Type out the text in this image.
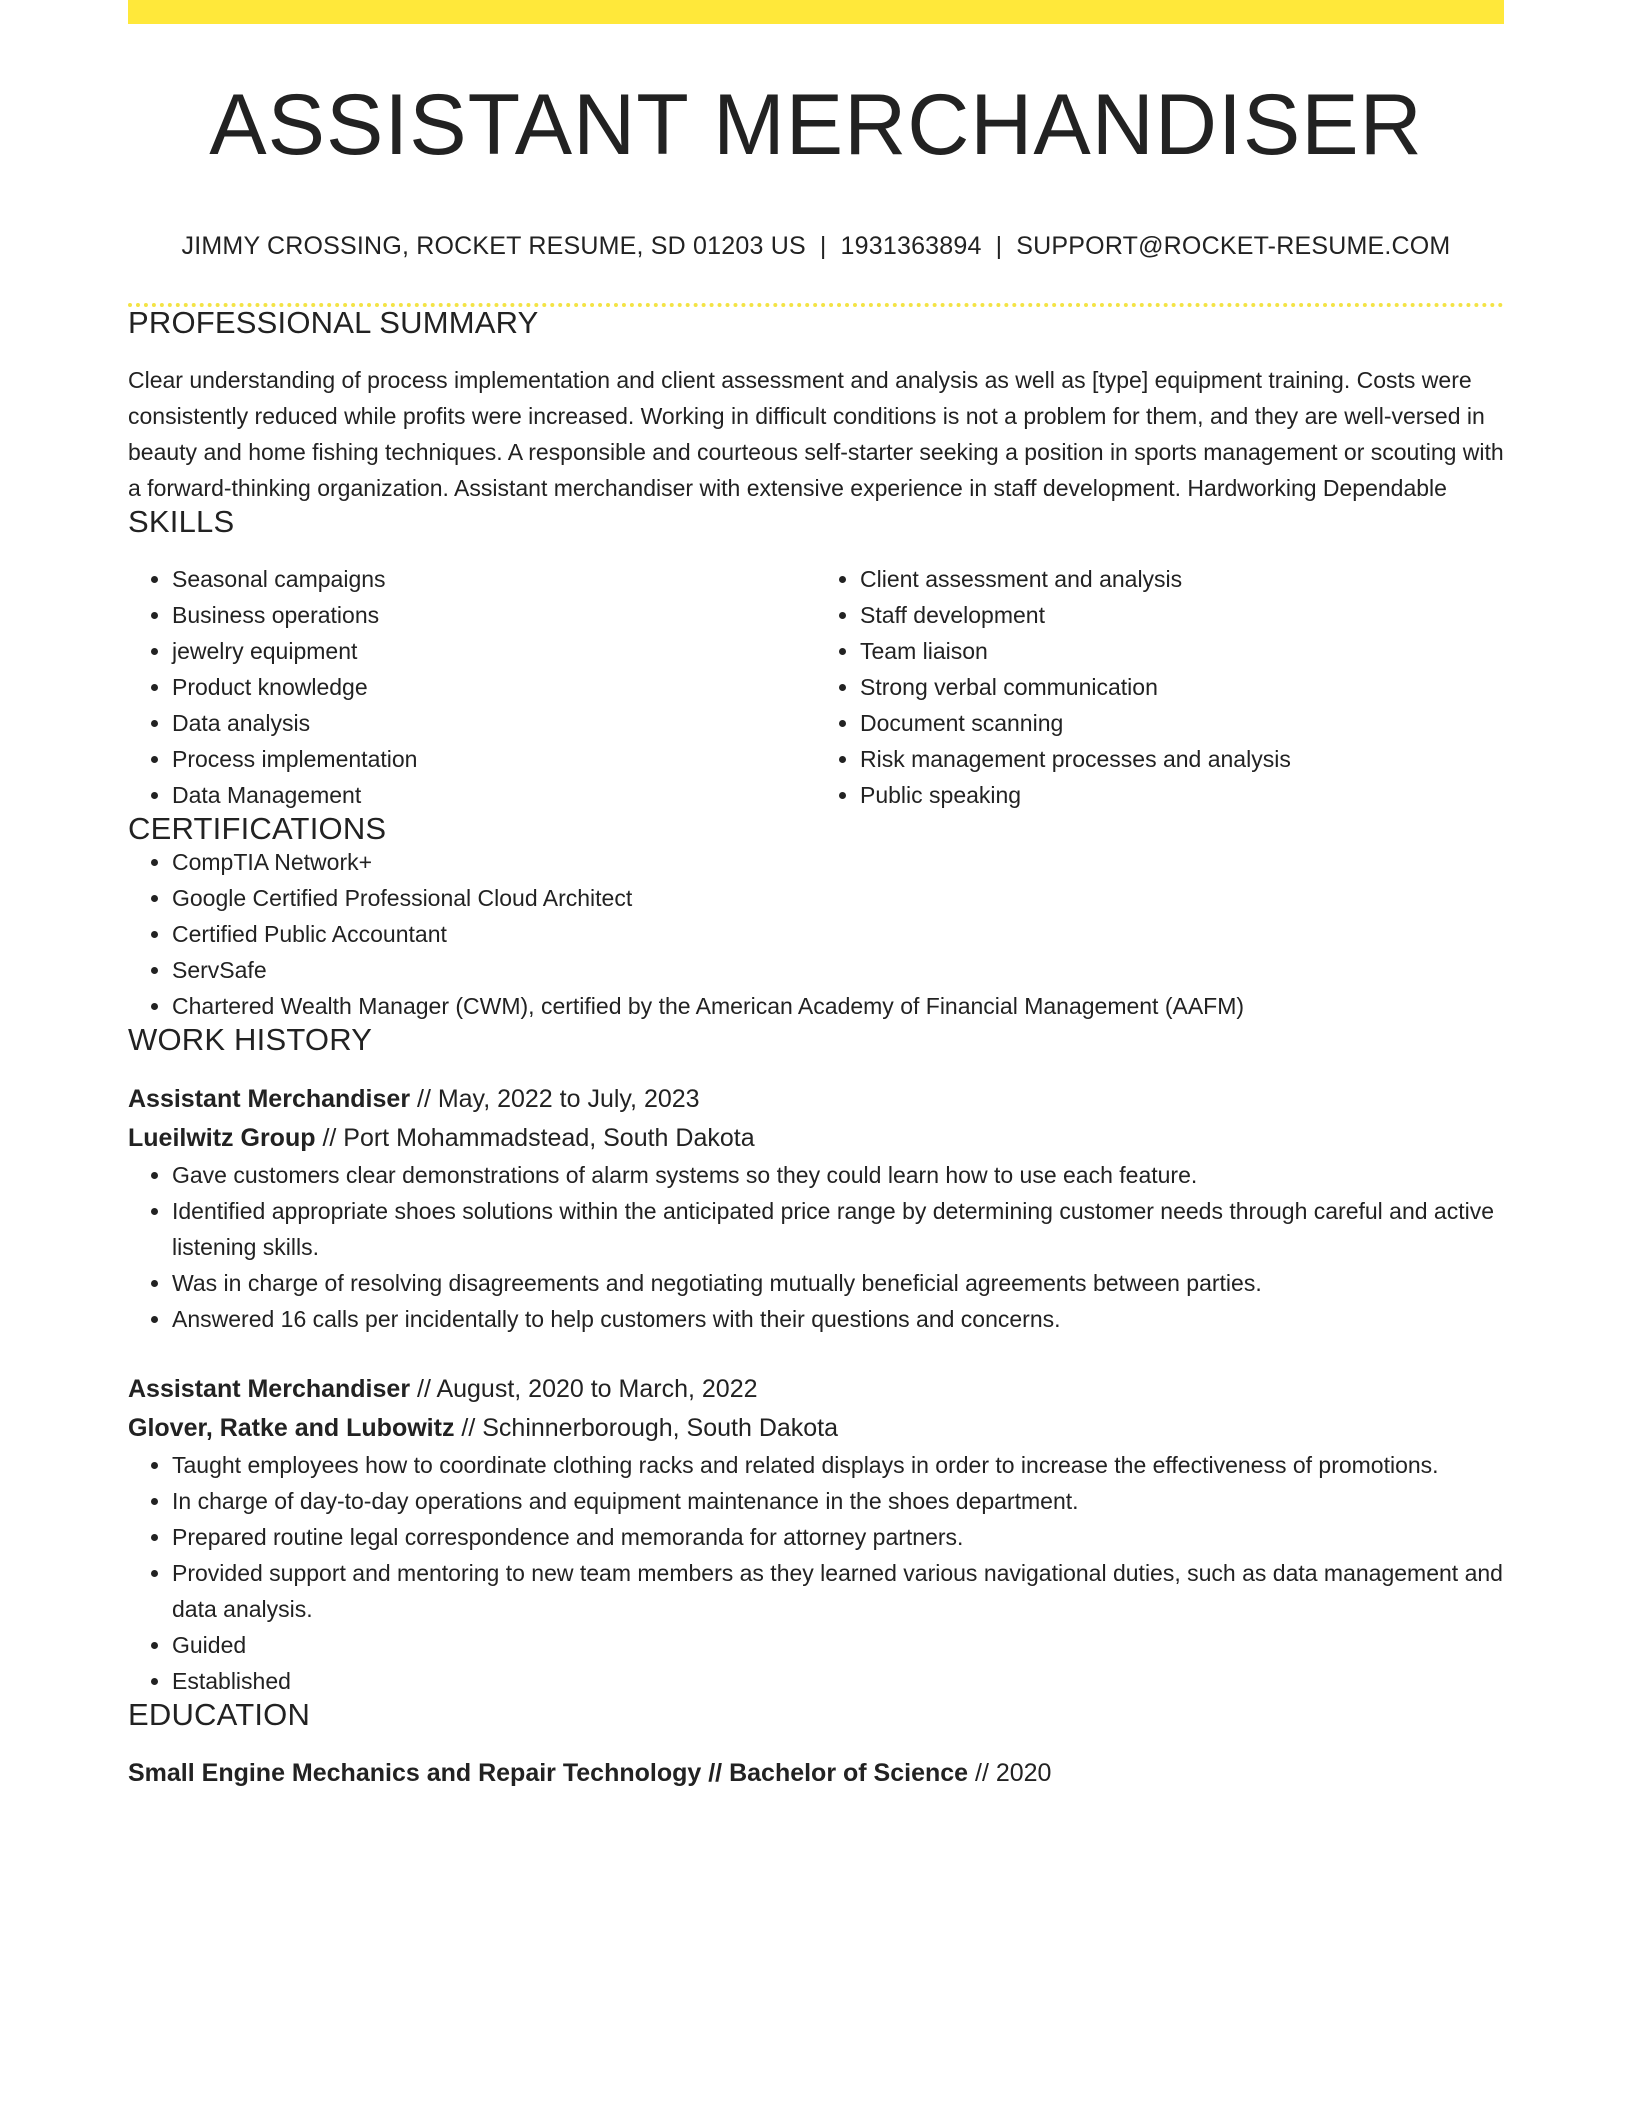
ASSISTANT MERCHANDISER
JIMMY CROSSING, ROCKET RESUME, SD 01203 US | 1931363894 | SUPPORT@ROCKET-RESUME.COM
PROFESSIONAL SUMMARY

Clear understanding of process implementation and client assessment and analysis as well as [type] equipment training. Costs were consistently reduced while profits were increased. Working in difficult conditions is not a problem for them, and they are well-versed in beauty and home fishing techniques. A responsible and courteous self-starter seeking a position in sports management or scouting with a forward-thinking organization. Assistant merchandiser with extensive experience in staff development. Hardworking Dependable

SKILLS
• Seasonal campaigns
• Business operations
• jewelry equipment
• Product knowledge
• Data analysis
• Process implementation
• Data Management
• Client assessment and analysis
• Staff development
• Team liaison
• Strong verbal communication
• Document scanning
• Risk management processes and analysis
• Public speaking
CERTIFICATIONS
• CompTIA Network+
• Google Certified Professional Cloud Architect
• Certified Public Accountant
• ServSafe
• Chartered Wealth Manager (CWM), certified by the American Academy of Financial Management (AAFM)
WORK HISTORY
Assistant Merchandiser // May, 2022 to July, 2023
Lueilwitz Group // Port Mohammadstead, South Dakota
• Gave customers clear demonstrations of alarm systems so they could learn how to use each feature.
• Identified appropriate shoes solutions within the anticipated price range by determining customer needs through careful and active listening skills.
• Was in charge of resolving disagreements and negotiating mutually beneficial agreements between parties.
• Answered 16 calls per incidentally to help customers with their questions and concerns.
Assistant Merchandiser // August, 2020 to March, 2022
Glover, Ratke and Lubowitz // Schinnerborough, South Dakota
• Taught employees how to coordinate clothing racks and related displays in order to increase the effectiveness of promotions.
• In charge of day-to-day operations and equipment maintenance in the shoes department.
• Prepared routine legal correspondence and memoranda for attorney partners.
• Provided support and mentoring to new team members as they learned various navigational duties, such as data management and data analysis.
• Guided
• Established
EDUCATION
Small Engine Mechanics and Repair Technology // Bachelor of Science // 2020
